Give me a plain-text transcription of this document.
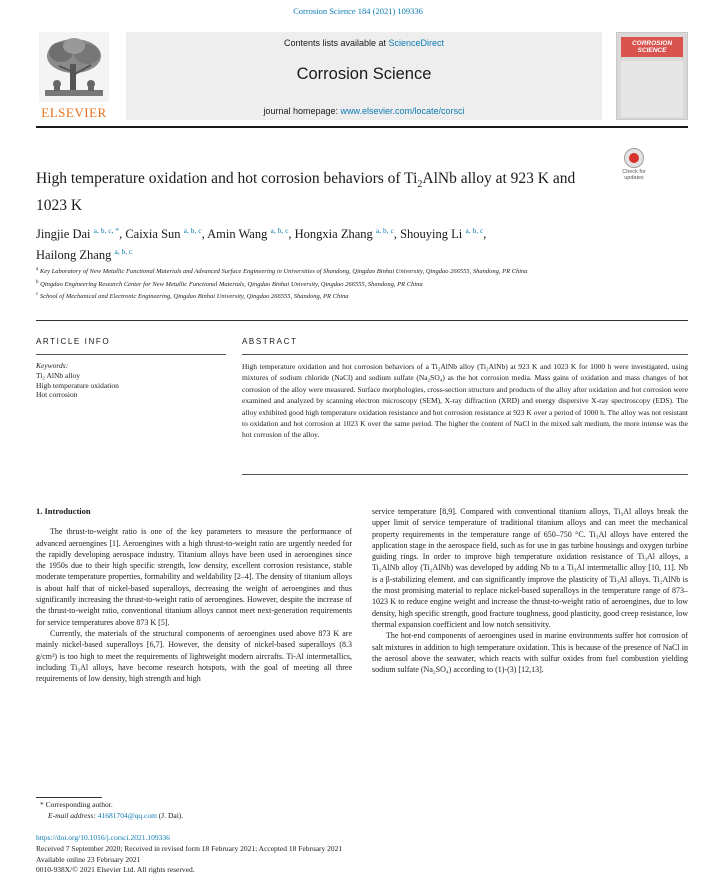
Corrosion Science 184 (2021) 109336
ELSEVIER
Contents lists available at ScienceDirect
Corrosion Science
journal homepage: www.elsevier.com/locate/corsci
CORROSION
SCIENCE
High temperature oxidation and hot corrosion behaviors of $Ti_2AlNb$ alloy at 923 K and 1023 K
Check for
updates
Jingjie Dai $^{a, b, c, *}$, Caixia Sun $^{a, b, c}$, Amin Wang $^{a, b, c}$, Hongxia Zhang $^{a, b, c}$, Shouying Li $^{a, b, c}$,
Hailong Zhang $^{a, b, c}$
$^a$ Key Laboratory of New Metallic Functional Materials and Advanced Surface Engineering in Universities of Shandong, Qingdao Binhai University, Qingdao 266555, Shandong, PR China
$^b$ Qingdao Engineering Research Center for New Metallic Functional Materials, Qingdao Binhai University, Qingdao 266555, Shandong, PR China
$^c$ School of Mechanical and Electronic Engineering, Qingdao Binhai University, Qingdao 266555, Shandong, PR China
ARTICLE INFO
Keywords:
Ti₂ AlNb alloy
High temperature oxidation
Hot corrosion
ABSTRACT
High temperature oxidation and hot corrosion behaviors of a Ti₂AlNb alloy (Ti₂AlNb) at 923 K and 1023 K for 1000 h were investigated, using mixtures of sodium chloride (NaCl) and sodium sulfate (Na₂SO₄) as the hot corrosion media. Mass gains of oxidation and mass changes of hot corrosion of the alloy were measured. Surface morphologies, cross-section structure and products of the alloy after oxidation and hot corrosion were examined and analyzed by scanning electron microscopy (SEM), X-ray diffraction (XRD) and energy dispersive X-ray spectroscopy (EDS). The alloy exhibited good high temperature oxidation resistance and hot corrosion resistance at 923 K over a period of 1000 h. The alloy was not resistant to oxidation and hot corrosion at 1023 K over the same period. The higher the content of NaCl in the mixed salt medium, the more intense was the hot corrosion of the alloy.
1. Introduction

The thrust-to-weight ratio is one of the key parameters to measure the performance of advanced aeroengines [1]. Aeroengines with a high thrust-to-weight ratio are urgently needed for the rapidly developing aerospace industry. Titanium alloys have been used in aeroengines since the 1950s due to their high specific strength, low density, excellent corrosion resistance, stable moderate temperature properties, formability and weldability [2–4]. The density of titanium alloys is about half that of nickel-based superalloys, decreasing the weight of aeroengines and thus significantly increasing the thrust-to-weight ratio of aeroengines. However, despite the increase of the thrust-to-weight ratio, conventional titanium alloys cannot meet next-generation requirements for service temperatures above 873 K [5].

Currently, the materials of the structural components of aeroengines used above 873 K are mainly nickel-based superalloys [6,7]. However, the density of nickel-based superalloys (8.3 g/cm³) is too high to meet the requirements of lightweight modern aircrafts. Ti-Al intermetallics, including Ti₃Al alloys, have become research hotspots, with the goal of meeting all three requirements of low density, high strength and high

service temperature [8,9]. Compared with conventional titanium alloys, Ti₃Al alloys break the upper limit of service temperature of traditional titanium alloys and can meet the mechanical property requirements in the temperature range of 650–750 °C. Ti₃Al alloys have entered the application stage in the aerospace field, such as for use in gas turbine housings and oxygen turbine guiding rings. In order to improve high temperature oxidation resistance of Ti₃Al alloys, a Ti₂AlNb alloy (Ti₂AlNb) was developed by adding Nb to a Ti₃Al intermetallic alloy [10, 11]. Nb is a β-stabilizing element. and can significantly improve the plasticity of Ti₃Al alloys. Ti₂AlNb is the most promising material to replace nickel-based superalloys in the temperature range of 873–1023 K to reduce engine weight and increase the thrust-to-weight ratio of aeroengines, due to low density, high specific strength, good fracture toughness, good plasticity, good creep resistance, low thermal expansion coefficient and low notch sensitivity.

The hot-end components of aeroengines used in marine environments suffer hot corrosion of salt mixtures in addition to high temperature oxidation. This is because of the presence of NaCl in the aerosol above the seawater, which reacts with sulfur oxides from fuel combustion yielding sodium sulfate (Na₂SO₄) according to (1)-(3) [12,13].

* Corresponding author.
E-mail address: 41681704@qq.com (J. Dai).
https://doi.org/10.1016/j.corsci.2021.109336
Received 7 September 2020; Received in revised form 18 February 2021; Accepted 18 February 2021
Available online 23 February 2021
0010-938X/© 2021 Elsevier Ltd. All rights reserved.
